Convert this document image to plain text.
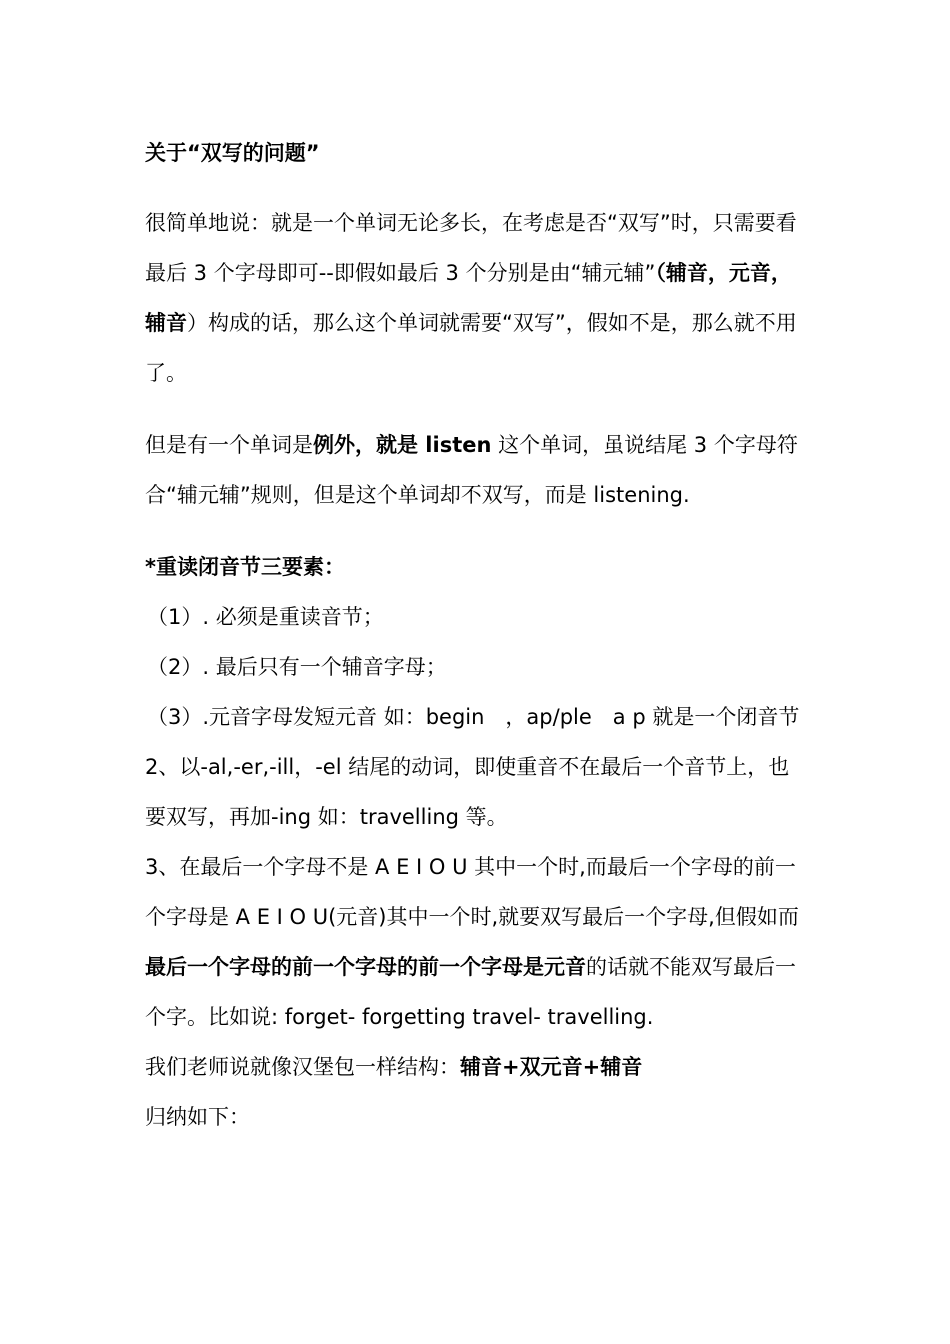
关于“双写的问题”

很简单地说：就是一个单词无论多长，在考虑是否“双写”时，只需要看最后 3 个字母即可--即假如最后 3 个分别是由“辅元辅”（辅音，元音，辅音）构成的话，那么这个单词就需要“双写”，假如不是，那么就不用了。

但是有一个单词是例外，就是 listen 这个单词，虽说结尾 3 个字母符合“辅元辅”规则，但是这个单词却不双写，而是 listening.

*重读闭音节三要素：

（1）. 必须是重读音节；

（2）. 最后只有一个辅音字母；

（3）.元音字母发短元音 如：begin　，ap/ple　a p 就是一个闭音节

2、以-al,-er,-ill，-el 结尾的动词，即使重音不在最后一个音节上，也要双写，再加-ing 如：travelling 等。

3、在最后一个字母不是 A E I O U 其中一个时,而最后一个字母的前一个字母是 A E I O U(元音)其中一个时,就要双写最后一个字母,但假如而最后一个字母的前一个字母的前一个字母是元音的话就不能双写最后一个字。比如说: forget- forgetting travel- travelling.

我们老师说就像汉堡包一样结构：辅音+双元音+辅音

归纳如下：
